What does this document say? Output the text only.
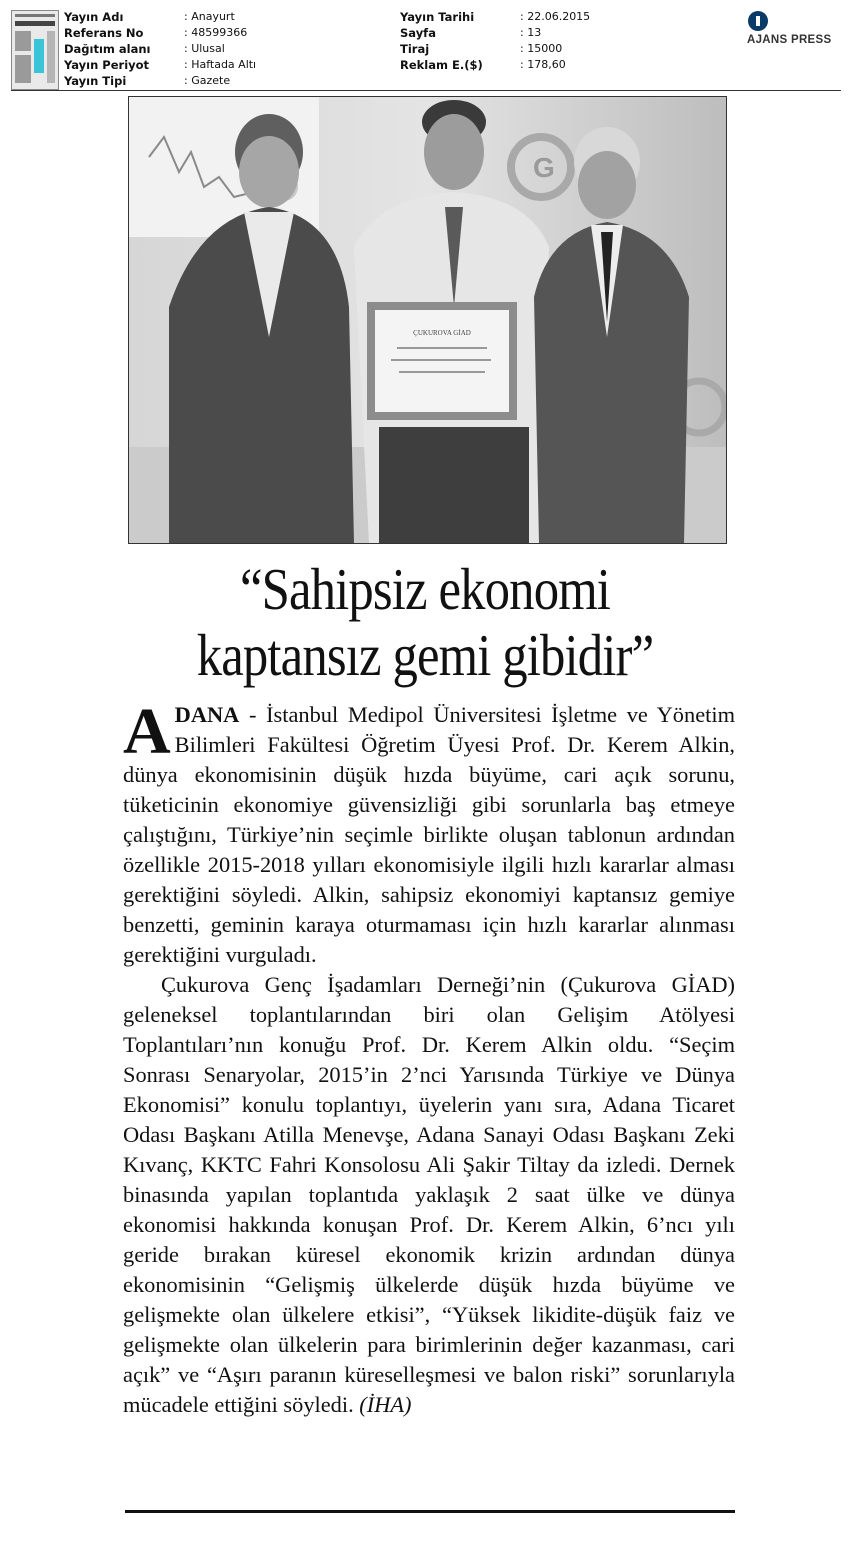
Yayın Adı
Referans No
Dağıtım alanı
Yayın Periyot
Yayın Tipi
: Anayurt
: 48599366
: Ulusal
: Haftada Altı
: Gazete
Yayın Tarihi
Sayfa
Tiraj
Reklam E.($)
: 22.06.2015
: 13
: 15000
: 178,60
AJANS PRESS
G
ÇUKUROVA GİAD
“Sahipsiz ekonomi
kaptansız gemi gibidir”

ADANA - İstanbul Medipol Üniversitesi İşletme ve Yönetim Bilimleri Fakültesi Öğretim Üyesi Prof. Dr. Kerem Alkin, dünya ekonomisinin düşük hızda büyüme, cari açık sorunu, tüketicinin ekonomiye güvensizliği gibi sorunlarla baş etmeye çalıştığını, Türkiye’nin seçimle birlikte oluşan tablonun ardından özellikle 2015-2018 yılları ekonomisiyle ilgili hızlı kararlar alması gerektiğini söyledi. Alkin, sahipsiz ekonomiyi kaptansız gemiye benzetti, geminin karaya oturmaması için hızlı kararlar alınması gerektiğini vurguladı.

Çukurova Genç İşadamları Derneği’nin (Çukurova GİAD) geleneksel toplantılarından biri olan Gelişim Atölyesi Toplantıları’nın konuğu Prof. Dr. Kerem Alkin oldu. “Seçim Sonrası Senaryolar, 2015’in 2’nci Yarısında Türkiye ve Dünya Ekonomisi” konulu toplantıyı, üyelerin yanı sıra, Adana Ticaret Odası Başkanı Atilla Menevşe, Adana Sanayi Odası Başkanı Zeki Kıvanç, KKTC Fahri Konsolosu Ali Şakir Tiltay da izledi. Dernek binasında yapılan toplantıda yaklaşık 2 saat ülke ve dünya ekonomisi hakkında konuşan Prof. Dr. Kerem Alkin, 6’ncı yılı geride bırakan küresel ekonomik krizin ardından dünya ekonomisinin “Gelişmiş ülkelerde düşük hızda büyüme ve gelişmekte olan ülkelere etkisi”, “Yüksek likidite-düşük faiz ve gelişmekte olan ülkelerin para birimlerinin değer kazanması, cari açık” ve “Aşırı paranın küreselleşmesi ve balon riski” sorunlarıyla mücadele ettiğini söyledi. (İHA)
